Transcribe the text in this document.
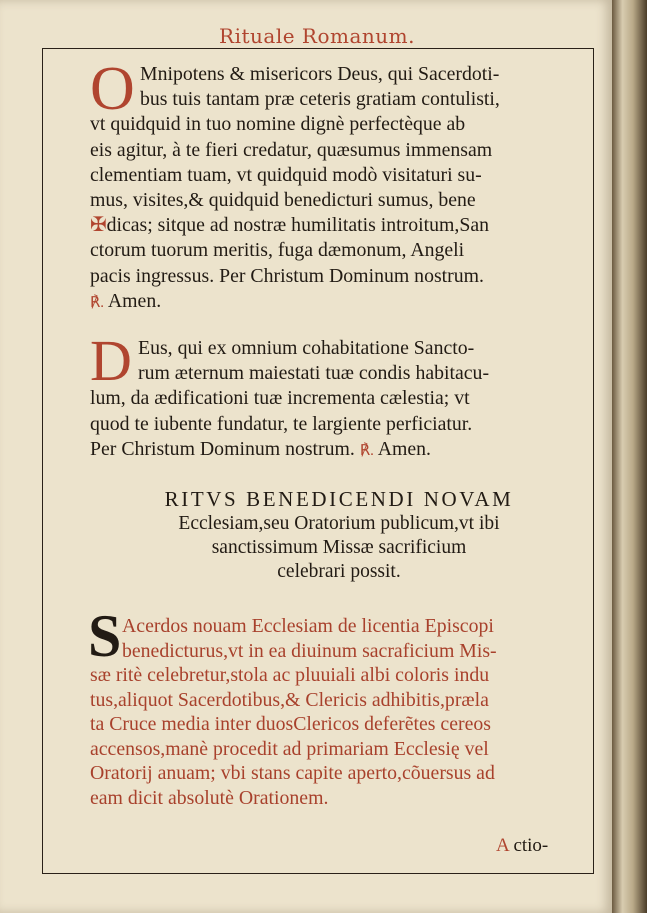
Rituale Romanum.
O Mnipotens & misericors Deus, qui Sacerdoti-
bus tuis tantam præ ceteris gratiam contulisti,
vt quidquid in tuo nomine dignè perfectèque ab
eis agitur, à te fieri credatur, quæsumus immensam
clementiam tuam, vt quidquid modò visitaturi su-
mus, visites,& quidquid benedicturi sumus, bene
✠dicas; sitque ad nostræ humilitatis introitum,San
ctorum tuorum meritis, fuga dæmonum, Angeli
pacis ingressus. Per Christum Dominum nostrum.
℟. Amen.
D Eus, qui ex omnium cohabitatione Sancto-
rum æternum maiestati tuæ condis habitacu-
lum, da ædificationi tuæ incrementa cælestia; vt
quod te iubente fundatur, te largiente perficiatur.
Per Christum Dominum nostrum. ℟. Amen.
RITVS BENEDICENDI NOVAM
Ecclesiam,seu Oratorium publicum,vt ibi
sanctissimum Missæ sacrificium
celebrari possit.
S Acerdos nouam Ecclesiam de licentia Episcopi
benedicturus,vt in ea diuinum sacraficium Mis-
sæ ritè celebretur,stola ac pluuiali albi coloris indu
tus,aliquot Sacerdotibus,& Clericis adhibitis,præla
ta Cruce media inter duosClericos deferẽtes cereos
accensos,manè procedit ad primariam Ecclesię vel
Oratorij anuam; vbi stans capite aperto,cõuersus ad
eam dicit absolutè Orationem.
A ctio-
